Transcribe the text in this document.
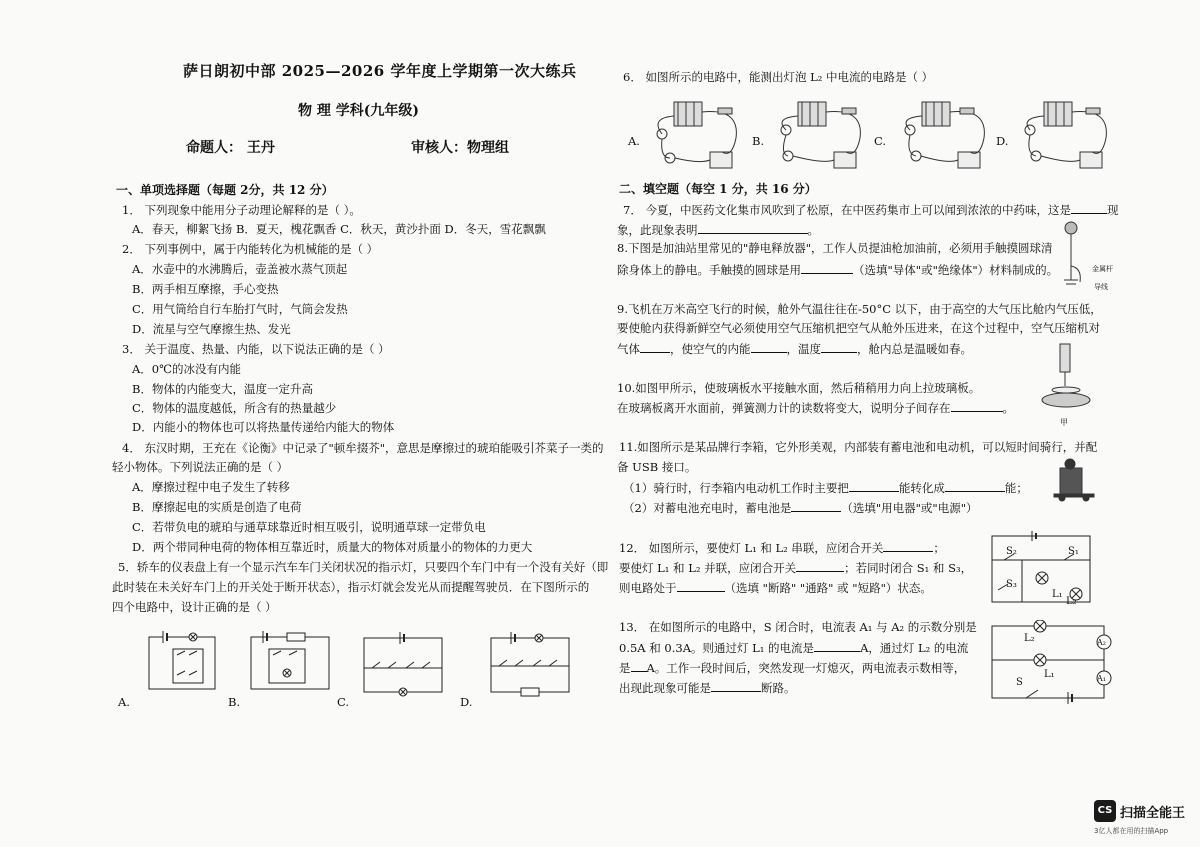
萨日朗初中部 2025—2026 学年度上学期第一次大练兵
物 理 学科(九年级)
命题人： 王丹	审核人：物理组
一、单项选择题（每题 2分，共 12 分）
1． 下列现象中能用分子动理论解释的是（ ）。
A．春天，柳絮飞扬 B．夏天，槐花飘香 C．秋天，黄沙扑面 D．冬天，雪花飘飘
2． 下列事例中，属于内能转化为机械能的是（ ）
A．水壶中的水沸腾后，壶盖被水蒸气顶起
B．两手相互摩擦，手心变热
C．用气筒给自行车胎打气时，气筒会发热
D．流星与空气摩擦生热、发光
3． 关于温度、热量、内能，以下说法正确的是（ ）
A．0℃的冰没有内能
B．物体的内能变大，温度一定升高
C．物体的温度越低，所含有的热量越少
D．内能小的物体也可以将热量传递给内能大的物体
4． 东汉时期，王充在《论衡》中记录了"顿牟掇芥"，意思是摩擦过的琥珀能吸引芥菜子一类的
轻小物体。下列说法正确的是（ ）
A．摩擦过程中电子发生了转移
B．摩擦起电的实质是创造了电荷
C．若带负电的琥珀与通草球靠近时相互吸引，说明通草球一定带负电
D．两个带同种电荷的物体相互靠近时，质量大的物体对质量小的物体的力更大
5．轿车的仪表盘上有一个显示汽车车门关闭状况的指示灯，只要四个车门中有一个没有关好（即
此时装在未关好车门上的开关处于断开状态），指示灯就会发光从而提醒驾驶员．在下图所示的
四个电路中，设计正确的是（ ）
A.	B.	C.	D.
6． 如图所示的电路中，能测出灯泡 L₂ 中电流的电路是（ ）
二、填空题（每空 1 分，共 16 分）
7． 今夏，中医药文化集市风吹到了松原，在中医药集市上可以闻到浓浓的中药味，这是	现
象，此现象表明	。
8.下图是加油站里常见的"静电释放器"，工作人员提油枪加油前，必须用手触摸圆球清
除身体上的静电。手触摸的圆球是用	（选填"导体"或"绝缘体"）材料制成的。
9.飞机在万米高空飞行的时候，舱外气温往往在-50°C 以下，由于高空的大气压比舱内气压低，
要使舱内获得新鲜空气必须使用空气压缩机把空气从舱外压进来，在这个过程中，空气压缩机对
气体	，使空气的内能	，温度	，舱内总是温暖如春。
10.如图甲所示，使玻璃板水平接触水面，然后稍稍用力向上拉玻璃板。
在玻璃板离开水面前，弹簧测力计的读数将变大，说明分子间存在	。
11.如图所示是某品牌行李箱，它外形美观，内部装有蓄电池和电动机，可以短时间骑行，并配
备 USB 接口。
（1）骑行时，行李箱内电动机工作时主要把	能转化成	能；
（2）对蓄电池充电时，蓄电池是	（选填"用电器"或"电源"）
12． 如图所示，要使灯 L₁ 和 L₂ 串联，应闭合开关	；
要使灯 L₁ 和 L₂ 并联，应闭合开关	；若同时闭合 S₁ 和 S₃，
则电路处于	（选填 "断路" "通路" 或 "短路"）状态。
13． 在如图所示的电路中，S 闭合时，电流表 A₁ 与 A₂ 的示数分别是
0.5A 和 0.3A。则通过灯 L₁ 的电流是	A，通过灯 L₂ 的电流
是 A。工作一段时间后，突然发现一灯熄灭，两电流表示数相等，
出现此现象可能是	断路。
A.	B.	C.	D.
金属杆
导线
甲
S₂	S₁
S₃
L₁
L₂
L₂
L₁
S
A₂
A₁
CS 扫描全能王
3亿人都在用的扫描App
